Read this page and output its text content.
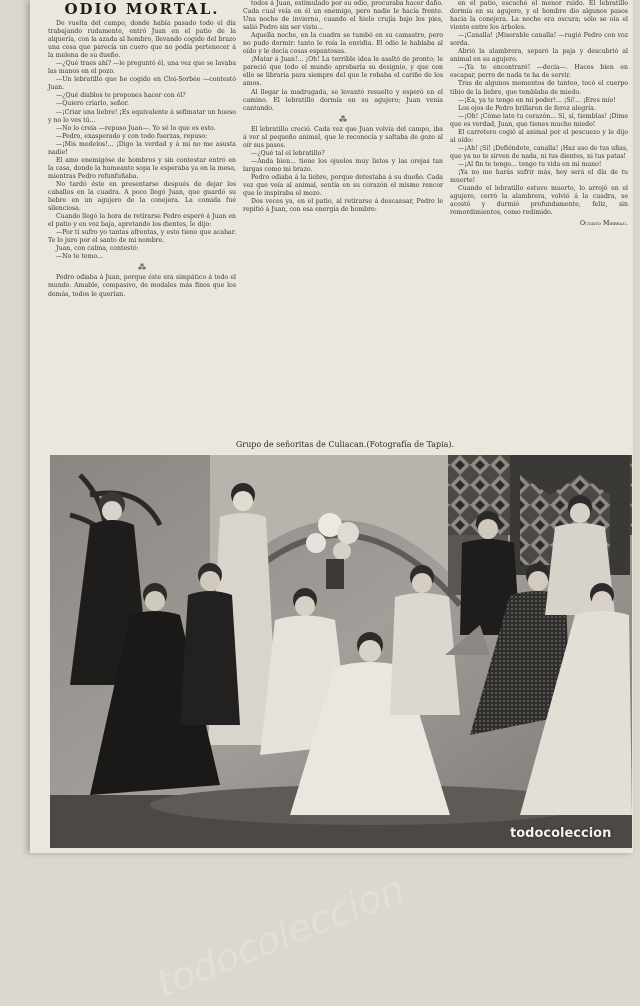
ODIO MORTAL.

De vuelta del campo, donde había pasado todo el día trabajando rudamente, entró Juan en el patio de la alquería, con la azada al hombro, llevando cogido del brazo una cosa que parecía un cuero que no podía pertenecer á la melena de su dueño.

—¿Qué traes ahí? —le preguntó él, una vez que se lavaba las manos en el pozo.

—Un lebratillo que he cogido en Cloi-Sorbée —contestó Juan.

—¿Qué diablos te propones hacer con él?

—Quiero criarlo, señor.

—¡Criar una liebre! ¡Es equivalente á sefimatar un hueso y no lo ves tú...

—No lo creía —repuso Juan—. Yo sé lo que es esto.

—Pedro, exasperado y con todo fuerzas, repuso:

—¡Mis modelos!... ¡Digo la verdad y á mí no me asusta nadie!

El amo enemigóse de hombros y sin contestar entró en la casa, donde la humeante sopa le esperaba ya en la mesa, mientras Pedro refunfuñaba.

No tardó éste en presentarse después de dejar los caballos en la cuadra. A poco llegó Juan, que guardó su liebre en un agujero de la conejera. La comida fué silenciosa.

Cuando llegó la hora de retirarse Pedro esperó á Juan en el patio y en voz baja, apretando los dientes, le dijo:

—Por tí sufro yo tantas afrentas, y esto tiene que acabar. Te lo juro por el santo de mi nombre.

Juan, con calma, contestó:

—No te temo...

⁂

Pedro odiaba á Juan, porque éste era simpático á todo el mundo. Amable, compasivo, de modales más finos que los demás, todos le querían.

todos á Juan, estimulado por su odio, procuraba hacer daño. Cada cual veía en él un enemigo, pero nadie le hacía frente. Una noche de invierno, cuando el hielo crujía bajo los pies, salió Pedro sin ser visto...

Aquella noche, en la cuadra se tumbó en su camastro, pero no pudo dormir: tanto le roía la envidia. El odio le hablaba al oído y le decía cosas espantosas.

¡Matar á Juan!... ¡Oh! La terrible idea le asaltó de pronto; le pareció que todo el mundo aprobaría su designio, y que con ello se libraría para siempre del que le robaba el cariño de los amos.

Al llegar la madrugada, se levantó resuelto y esperó en el camino. El lebratillo dormía en su agujero; Juan venía cantando.

⁂

El lebratillo creció. Cada vez que Juan volvía del campo, iba á ver al pequeño animal, que le reconocía y saltaba de gozo al oír sus pasos.

—¿Qué tal el lebratillo?

—Anda bien... tiene los ojuelos muy listos y las orejas tan largas como mi brazo.

Pedro odiaba á la liebre, porque detestaba á su dueño. Cada vez que veía al animal, sentía en su corazón el mismo rencor que le inspiraba el mozo.

Dos veces ya, en el patio, al retirarse á descansar, Pedro le repitió á Juan, con esa energía de hombre:

en el patio, escuchó el menor ruido. El lebratillo dormía en su agujero, y el hombre dio algunos pasos hacia la conejera. La noche era oscura; sólo se oía el viento entre los árboles.

—¡Canalla! ¡Miserable canalla! —rugió Pedro con voz sorda.

Abrió la alambrera, separó la paja y descubrió al animal en su agujero.

—¡Ya te encontraré! —decía—. Haces bien en escapar, perro de nada te ha de servir.

Tras de algunos momentos de tanteo, tocó el cuerpo tibio de la liebre, que temblaba de miedo.

—¡Ea, ya te tengo en mi poder!... ¡Sí!... ¡Eres mío!

Los ojos de Pedro brillaron de feroz alegría.

—¡Oh! ¡Cómo late tu corazón... Sí, sí, tiemblas! ¡Dime que es verdad, Juan, que tienes mucho miedo!

El carretero cogió al animal por el pescuezo y le dijo al oído:

—¡Ah! ¡Sí! ¡Defiéndete, canalla! ¡Haz uso de tus uñas, que ya no te sirven de nada, ni tus dientes, ni tus patas!

—¡Al fin te tengo... tengo tu vida en mi mano!

¡Ya no me harás sufrir más, hoy será el día de tu muerte!

Cuando el lebratillo estuvo muerto, lo arrojó en el agujero, cerró la alambrera, volvió á la cuadra, se acostó y durmió profundamente, feliz, sin remordimientos, como redimido.

Octavio Mirbeau.
Grupo de señoritas de Culiacan.(Fotografía de Tapia).
todocoleccion
todocoleccion
